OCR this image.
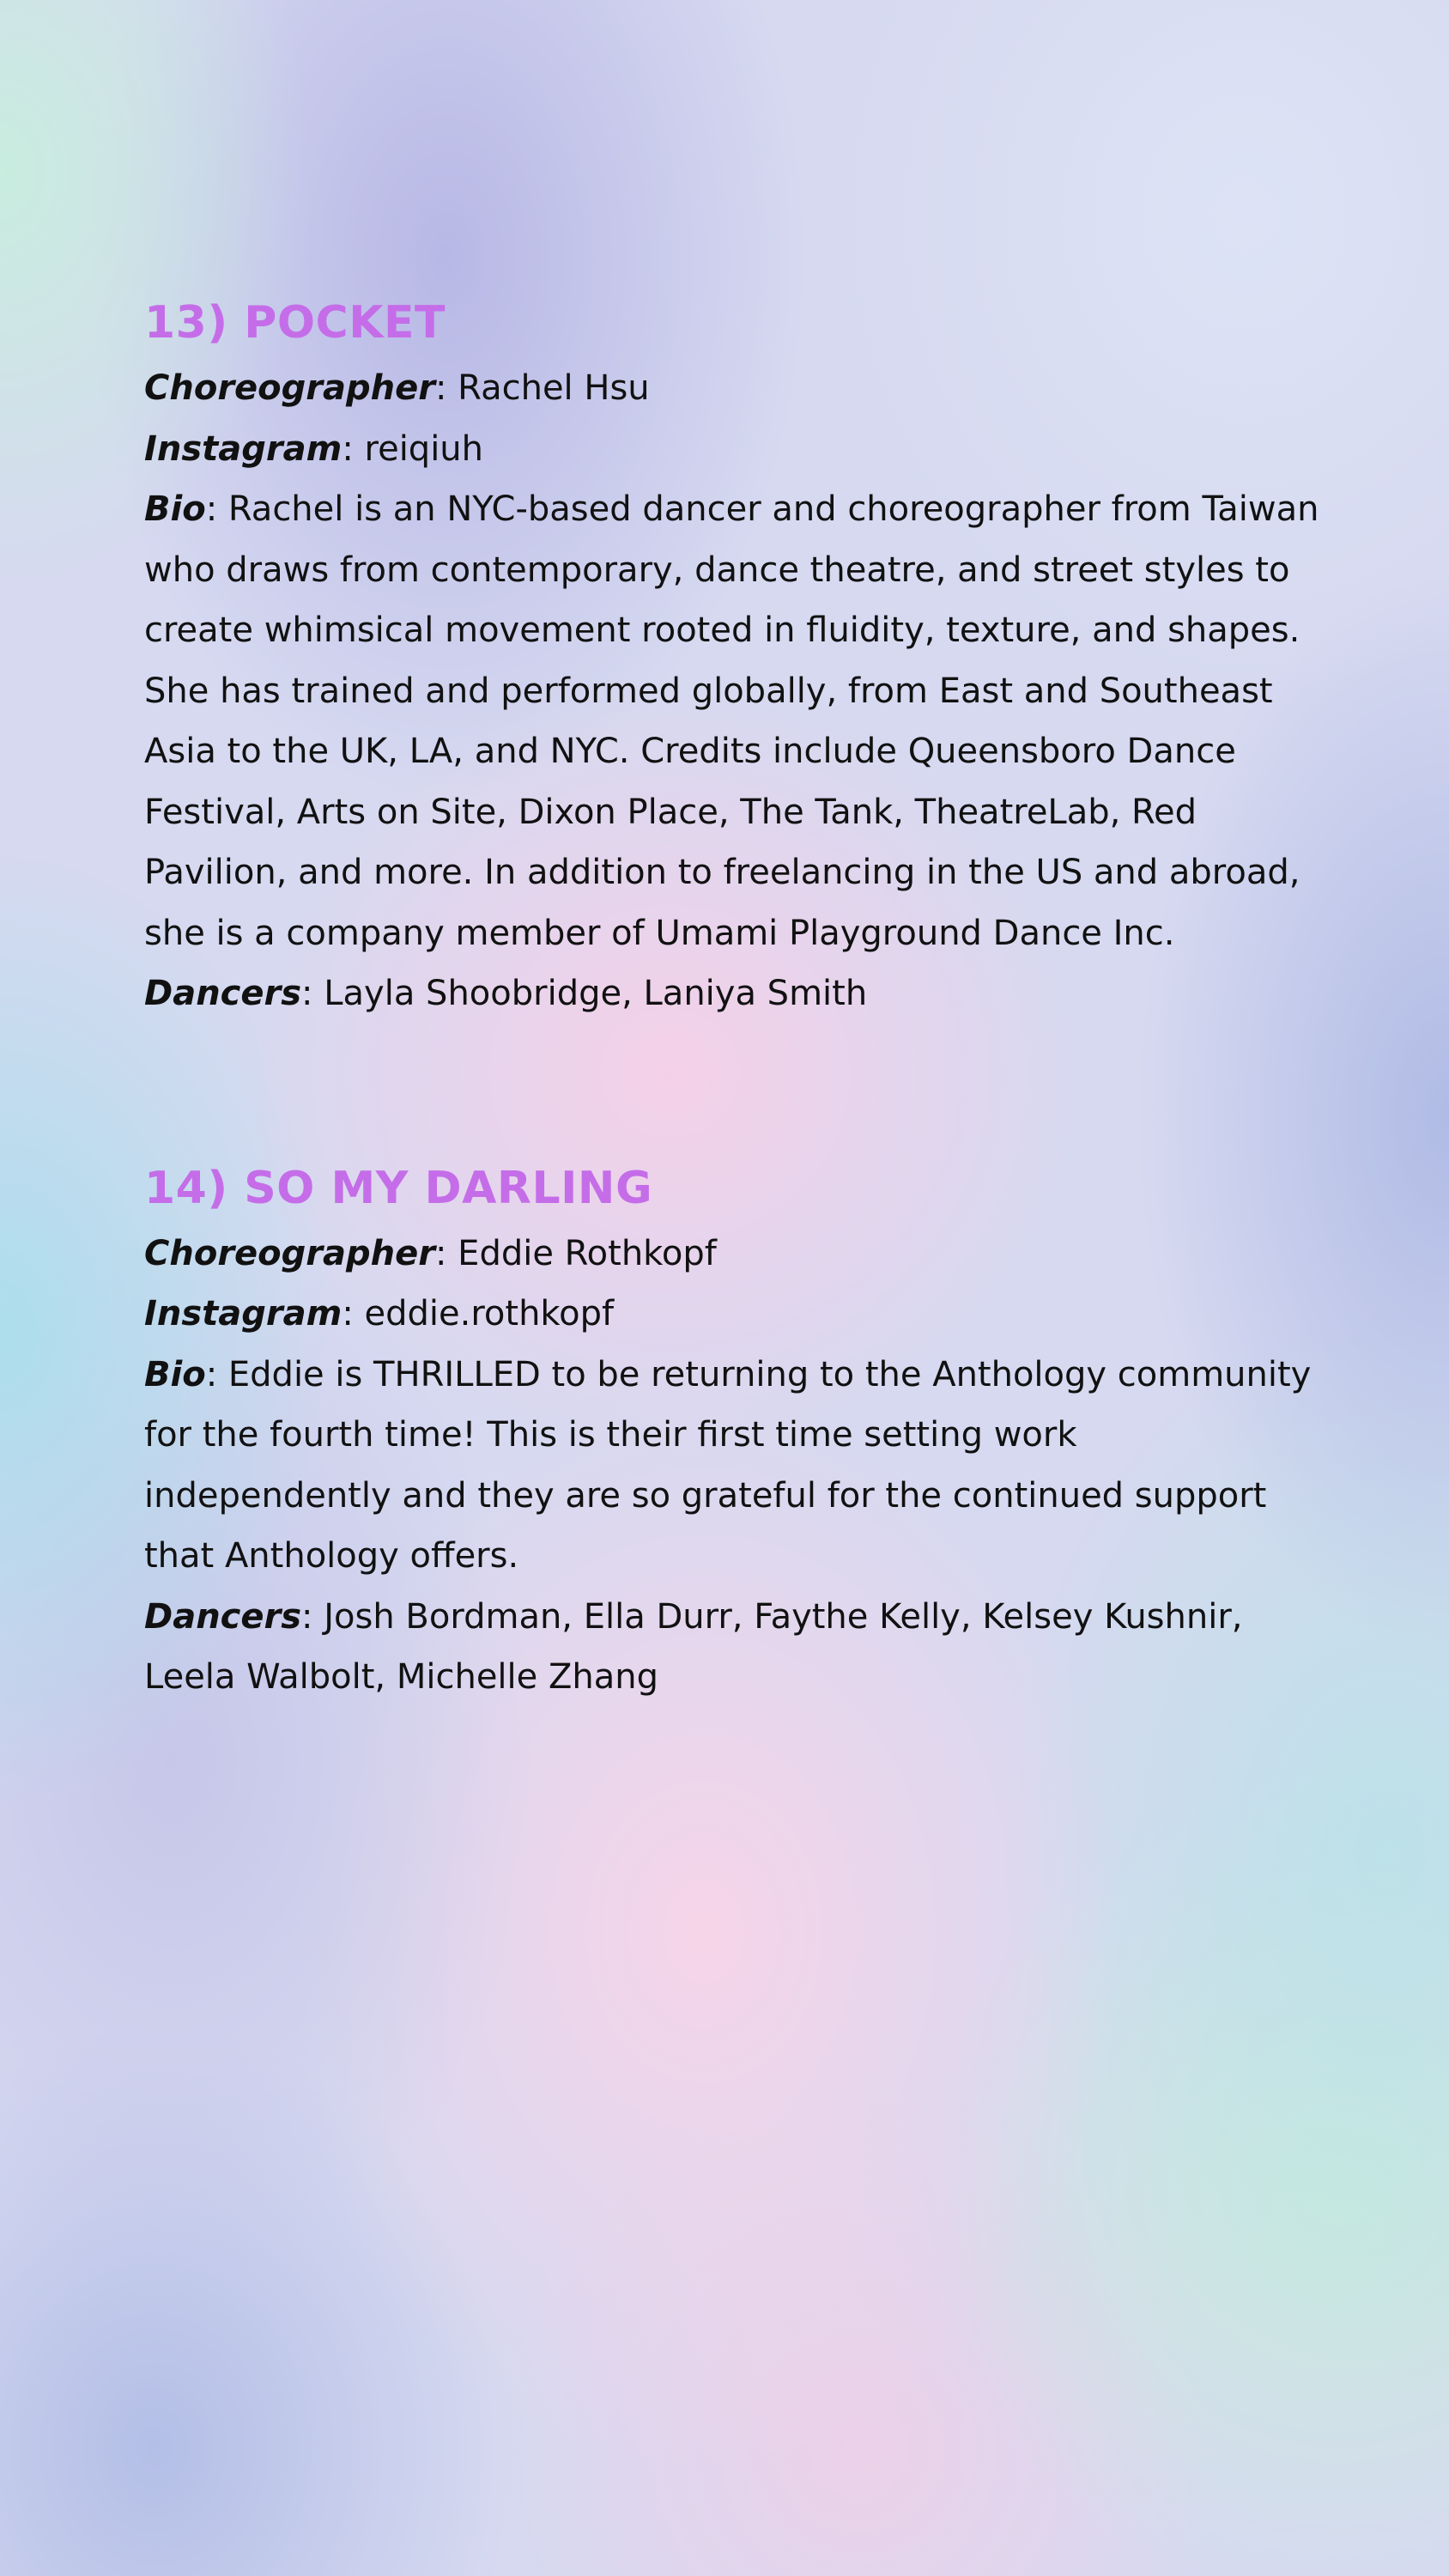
13) POCKET

Choreographer: Rachel Hsu

Instagram: reiqiuh

Bio: Rachel is an NYC-based dancer and choreographer from Taiwan who draws from contemporary, dance theatre, and street styles to create whimsical movement rooted in fluidity, texture, and shapes. She has trained and performed globally, from East and Southeast Asia to the UK, LA, and NYC. Credits include Queensboro Dance Festival, Arts on Site, Dixon Place, The Tank, TheatreLab, Red Pavilion, and more. In addition to freelancing in the US and abroad, she is a company member of Umami Playground Dance Inc.

Dancers: Layla Shoobridge, Laniya Smith

14) SO MY DARLING

Choreographer: Eddie Rothkopf

Instagram: eddie.rothkopf

Bio: Eddie is THRILLED to be returning to the Anthology community for the fourth time! This is their first time setting work independently and they are so grateful for the continued support that Anthology offers.

Dancers: Josh Bordman, Ella Durr, Faythe Kelly, Kelsey Kushnir, Leela Walbolt, Michelle Zhang
